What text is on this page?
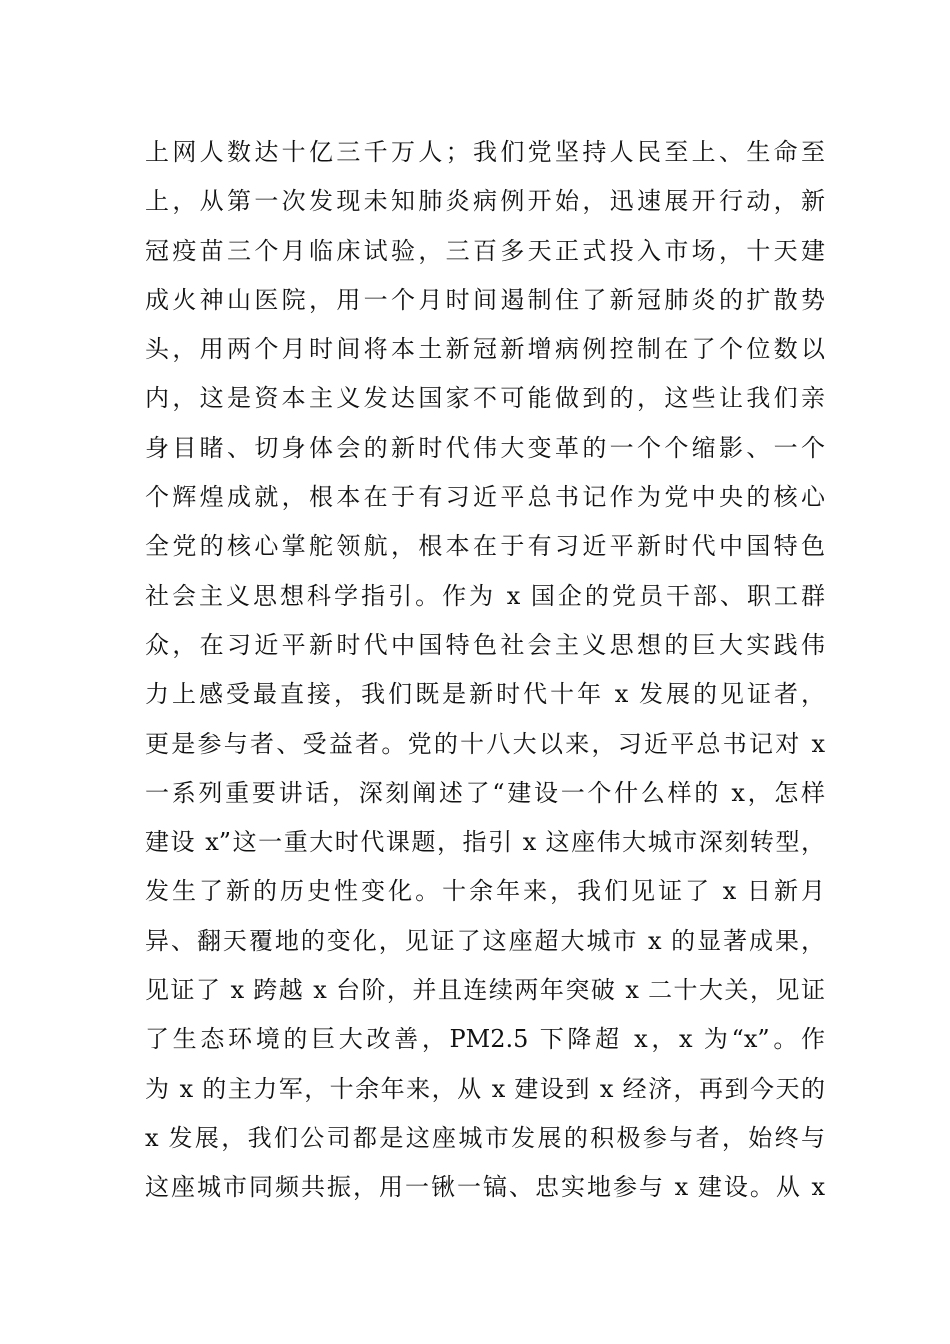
上网人数达十亿三千万人；我们党坚持人民至上、生命至
上，从第一次发现未知肺炎病例开始，迅速展开行动，新
冠疫苗三个月临床试验，三百多天正式投入市场，十天建
成火神山医院，用一个月时间遏制住了新冠肺炎的扩散势
头，用两个月时间将本土新冠新增病例控制在了个位数以
内，这是资本主义发达国家不可能做到的，这些让我们亲
身目睹、切身体会的新时代伟大变革的一个个缩影、一个
个辉煌成就，根本在于有习近平总书记作为党中央的核心
全党的核心掌舵领航，根本在于有习近平新时代中国特色
社会主义思想科学指引。作为 x 国企的党员干部、职工群
众，在习近平新时代中国特色社会主义思想的巨大实践伟
力上感受最直接，我们既是新时代十年 x 发展的见证者，
更是参与者、受益者。党的十八大以来，习近平总书记对 x
一系列重要讲话，深刻阐述了“建设一个什么样的 x，怎样
建设 x”这一重大时代课题，指引 x 这座伟大城市深刻转型，
发生了新的历史性变化。十余年来，我们见证了 x 日新月
异、翻天覆地的变化，见证了这座超大城市 x 的显著成果，
见证了 x 跨越 x 台阶，并且连续两年突破 x 二十大关，见证
了生态环境的巨大改善，PM2.5 下降超 x，x 为“x”。作
为 x 的主力军，十余年来，从 x 建设到 x 经济，再到今天的
x 发展，我们公司都是这座城市发展的积极参与者，始终与
这座城市同频共振，用一锹一镐、忠实地参与 x 建设。从 x
